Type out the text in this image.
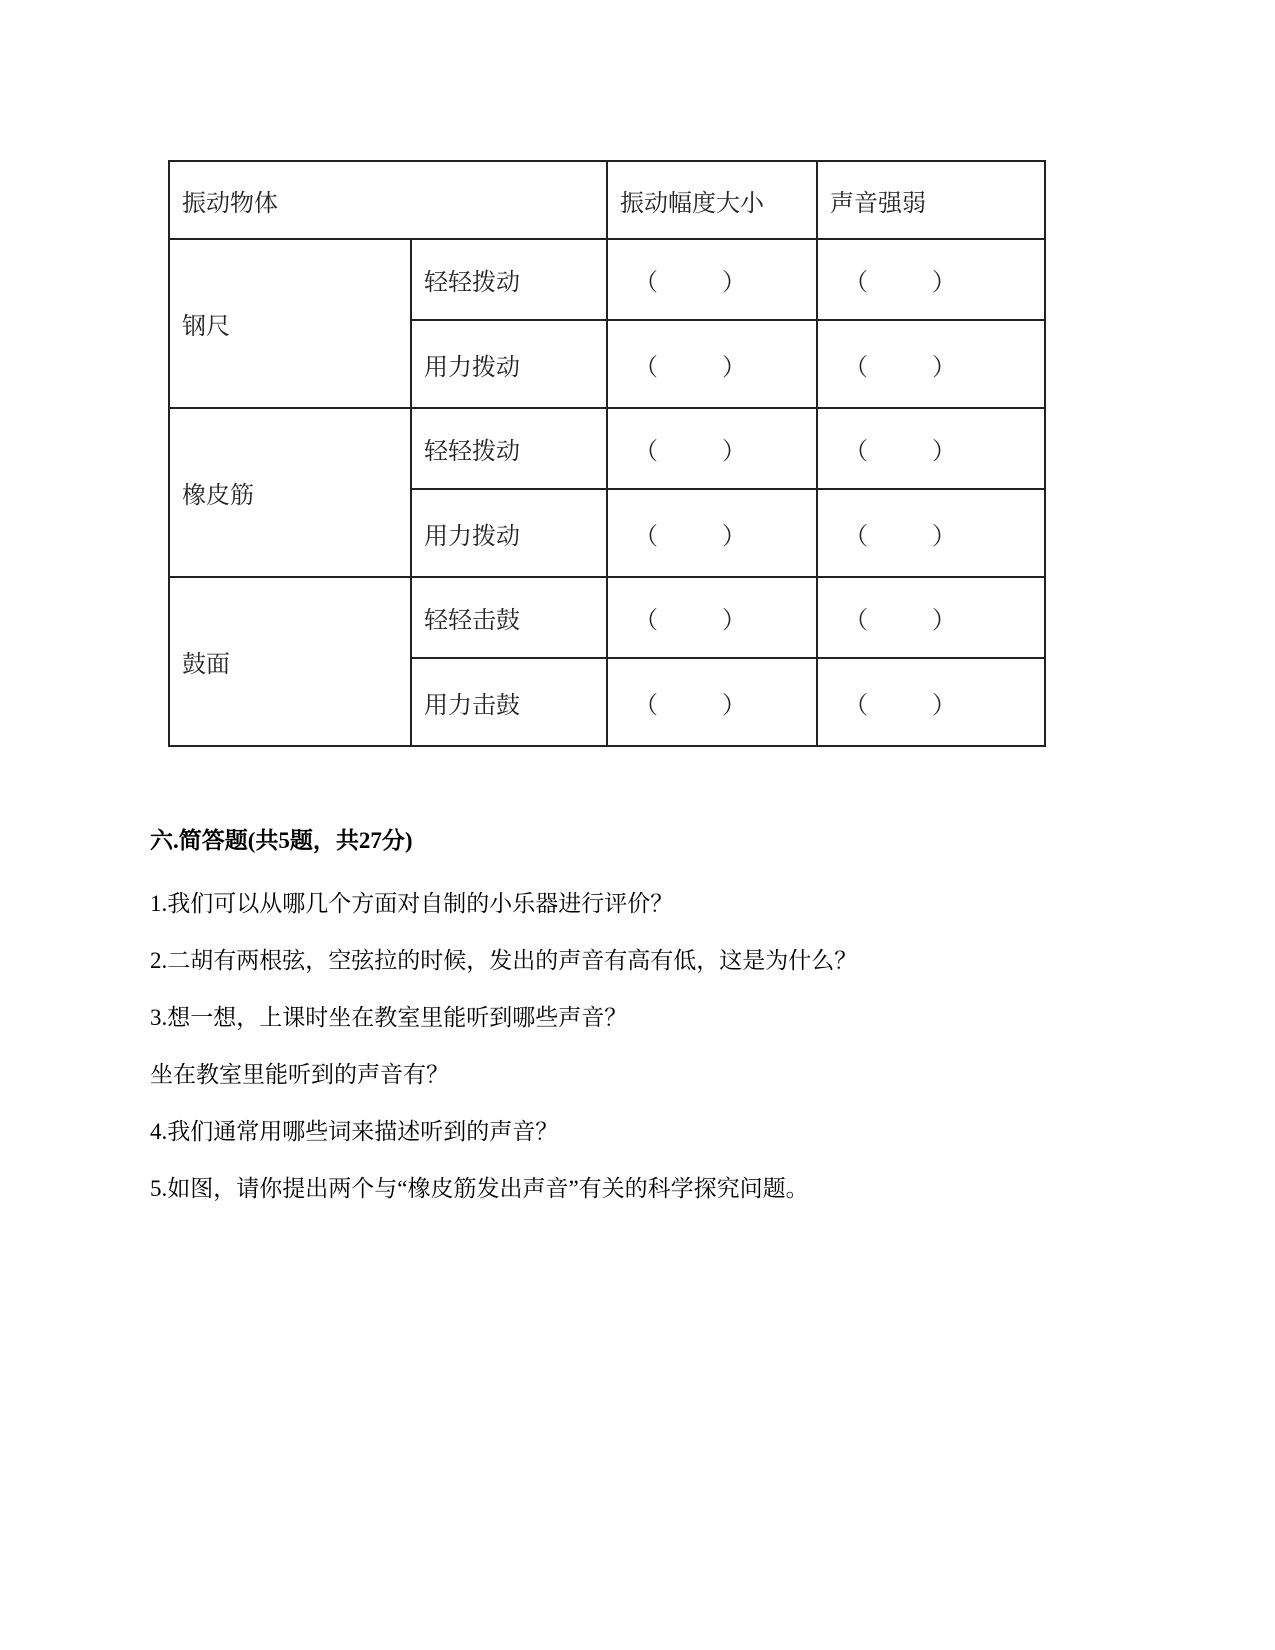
振动物体		振动幅度大小	声音强弱
钢尺	轻轻拨动	（ ）	（ ）

	用力拨动	（ ）	（ ）

橡皮筋	轻轻拨动	（ ）	（ ）

	用力拨动	（ ）	（ ）

鼓面	轻轻击鼓	（ ）	（ ）

	用力击鼓	（ ）	（ ）
六.简答题(共5题，共27分)
1.我们可以从哪几个方面对自制的小乐器进行评价？
2.二胡有两根弦，空弦拉的时候，发出的声音有高有低，这是为什么？
3.想一想，上课时坐在教室里能听到哪些声音？
坐在教室里能听到的声音有？
4.我们通常用哪些词来描述听到的声音？
5.如图，请你提出两个与“橡皮筋发出声音”有关的科学探究问题。
